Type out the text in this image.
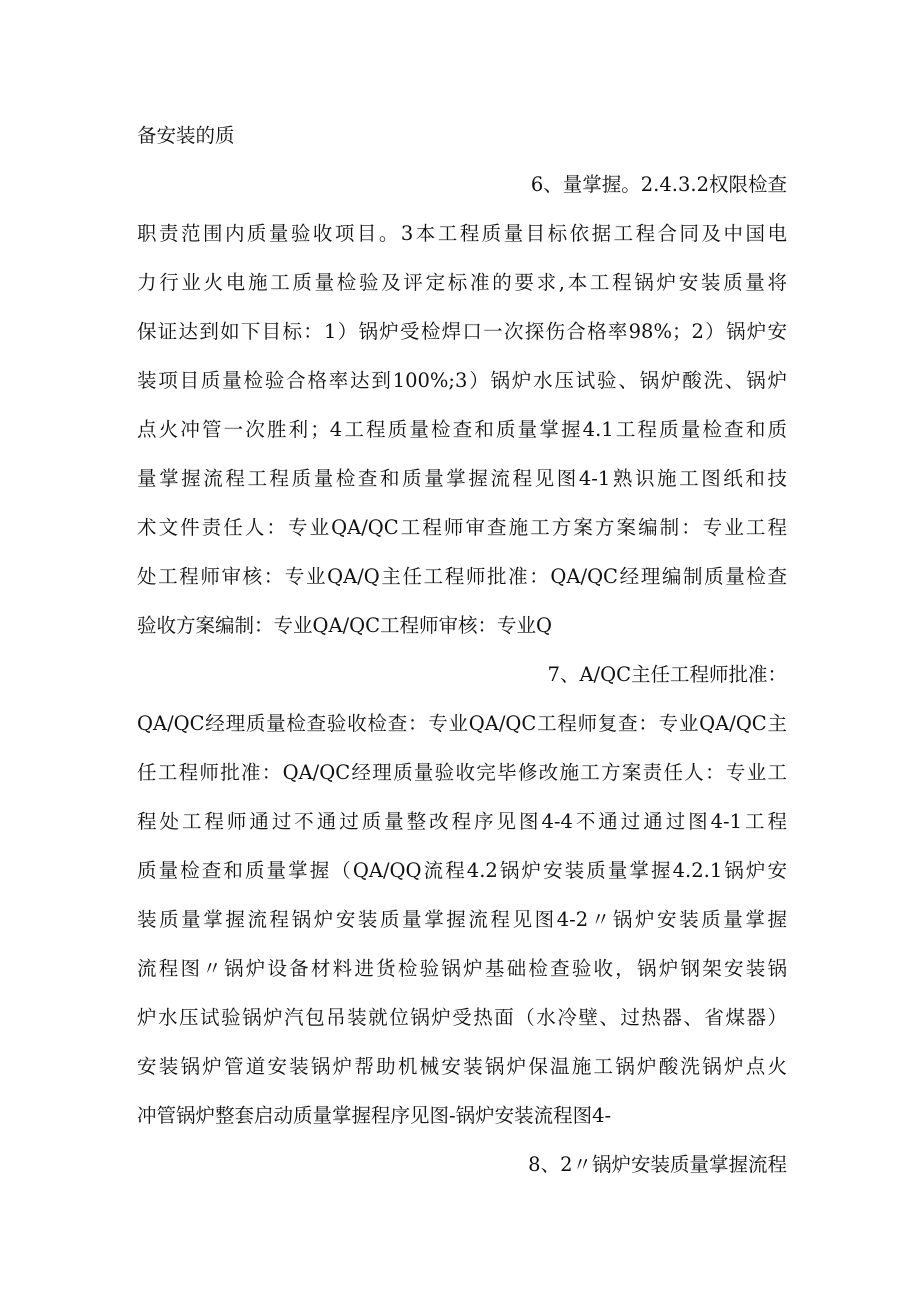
备安装的质
6、量掌握。2.4.3.2权限检查
职责范围内质量验收项目。3本工程质量目标依据工程合同及中国电
力行业火电施工质量检验及评定标准的要求,本工程锅炉安装质量将
保证达到如下目标：1）锅炉受检焊口一次探伤合格率98%；2）锅炉安
装项目质量检验合格率达到100%;3）锅炉水压试验、锅炉酸洗、锅炉
点火冲管一次胜利；4工程质量检查和质量掌握4.1工程质量检查和质
量掌握流程工程质量检查和质量掌握流程见图4-1熟识施工图纸和技
术文件责任人：专业QA/QC工程师审查施工方案方案编制：专业工程
处工程师审核：专业QA/Q主任工程师批准：QA/QC经理编制质量检查
验收方案编制：专业QA/QC工程师审核：专业Q
7、A/QC主任工程师批准：
QA/QC经理质量检查验收检查：专业QA/QC工程师复查：专业QA/QC主
任工程师批准：QA/QC经理质量验收完毕修改施工方案责任人：专业工
程处工程师通过不通过质量整改程序见图4-4不通过通过图4-1工程
质量检查和质量掌握（QA/QQ流程4.2锅炉安装质量掌握4.2.1锅炉安
装质量掌握流程锅炉安装质量掌握流程见图4-2〃锅炉安装质量掌握
流程图〃锅炉设备材料进货检验锅炉基础检查验收，锅炉钢架安装锅
炉水压试验锅炉汽包吊装就位锅炉受热面（水冷壁、过热器、省煤器）
安装锅炉管道安装锅炉帮助机械安装锅炉保温施工锅炉酸洗锅炉点火
冲管锅炉整套启动质量掌握程序见图-锅炉安装流程图4-
8、2〃锅炉安装质量掌握流程
